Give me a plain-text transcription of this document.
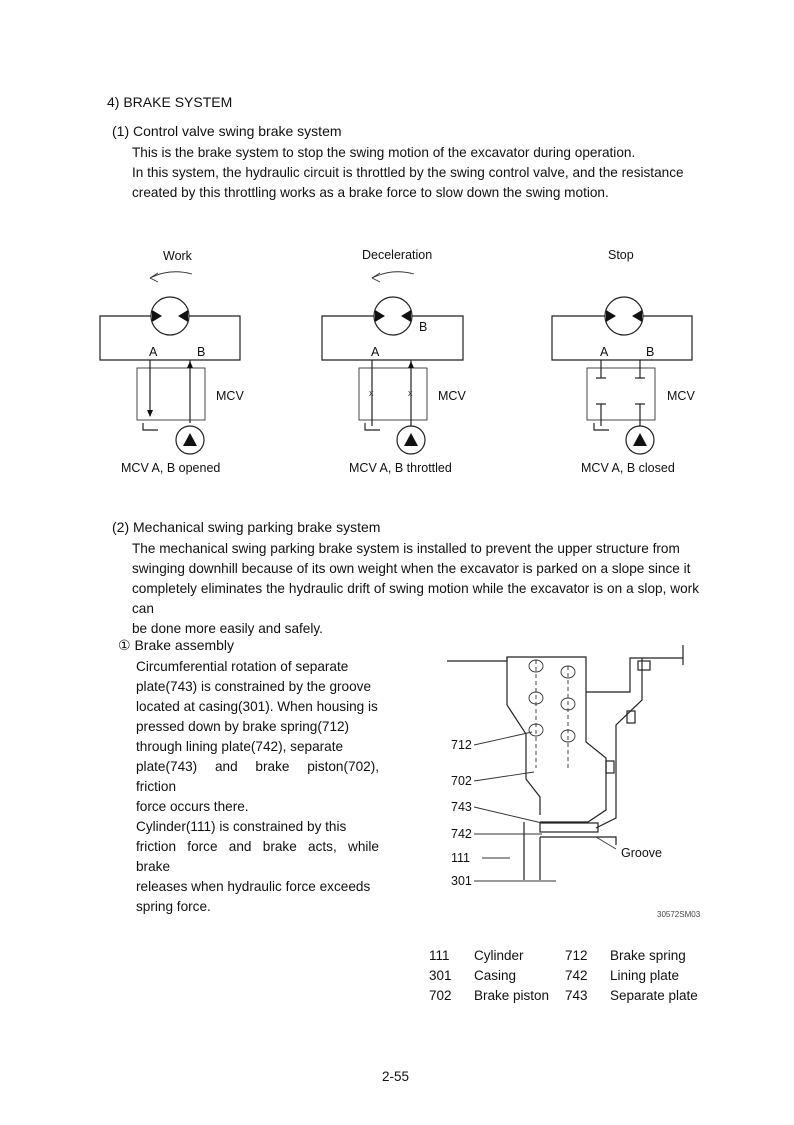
4) BRAKE SYSTEM
(1) Control valve swing brake system
This is the brake system to stop the swing motion of the excavator during operation.
In this system, the hydraulic circuit is throttled by the swing control valve, and the resistance
created by this throttling works as a brake force to slow down the swing motion.
x	x
Work
A	B
MCV
MCV A, B opened
Deceleration
A
B
MCV
MCV A, B throttled
Stop
A	B
MCV
MCV A, B closed
(2) Mechanical swing parking brake system
The mechanical swing parking brake system is installed to prevent the upper structure from
swinging downhill because of its own weight when the excavator is parked on a slope since it
completely eliminates the hydraulic drift of swing motion while the excavator is on a slop, work can
be done more easily and safely.
① Brake assembly
Circumferential rotation of separate
plate(743) is constrained by the groove
located at casing(301). When housing is
pressed down by brake spring(712)
through lining plate(742), separate
plate(743) and brake piston(702), friction
force occurs there.
Cylinder(111) is constrained by this
friction force and brake acts, while brake
releases when hydraulic force exceeds
spring force.
712
702
743
742
111
301
Groove
30572SM03
111 Cylinder	712 Brake spring
301 Casing	742 Lining plate
702 Brake piston 743 Separate plate
2-55
